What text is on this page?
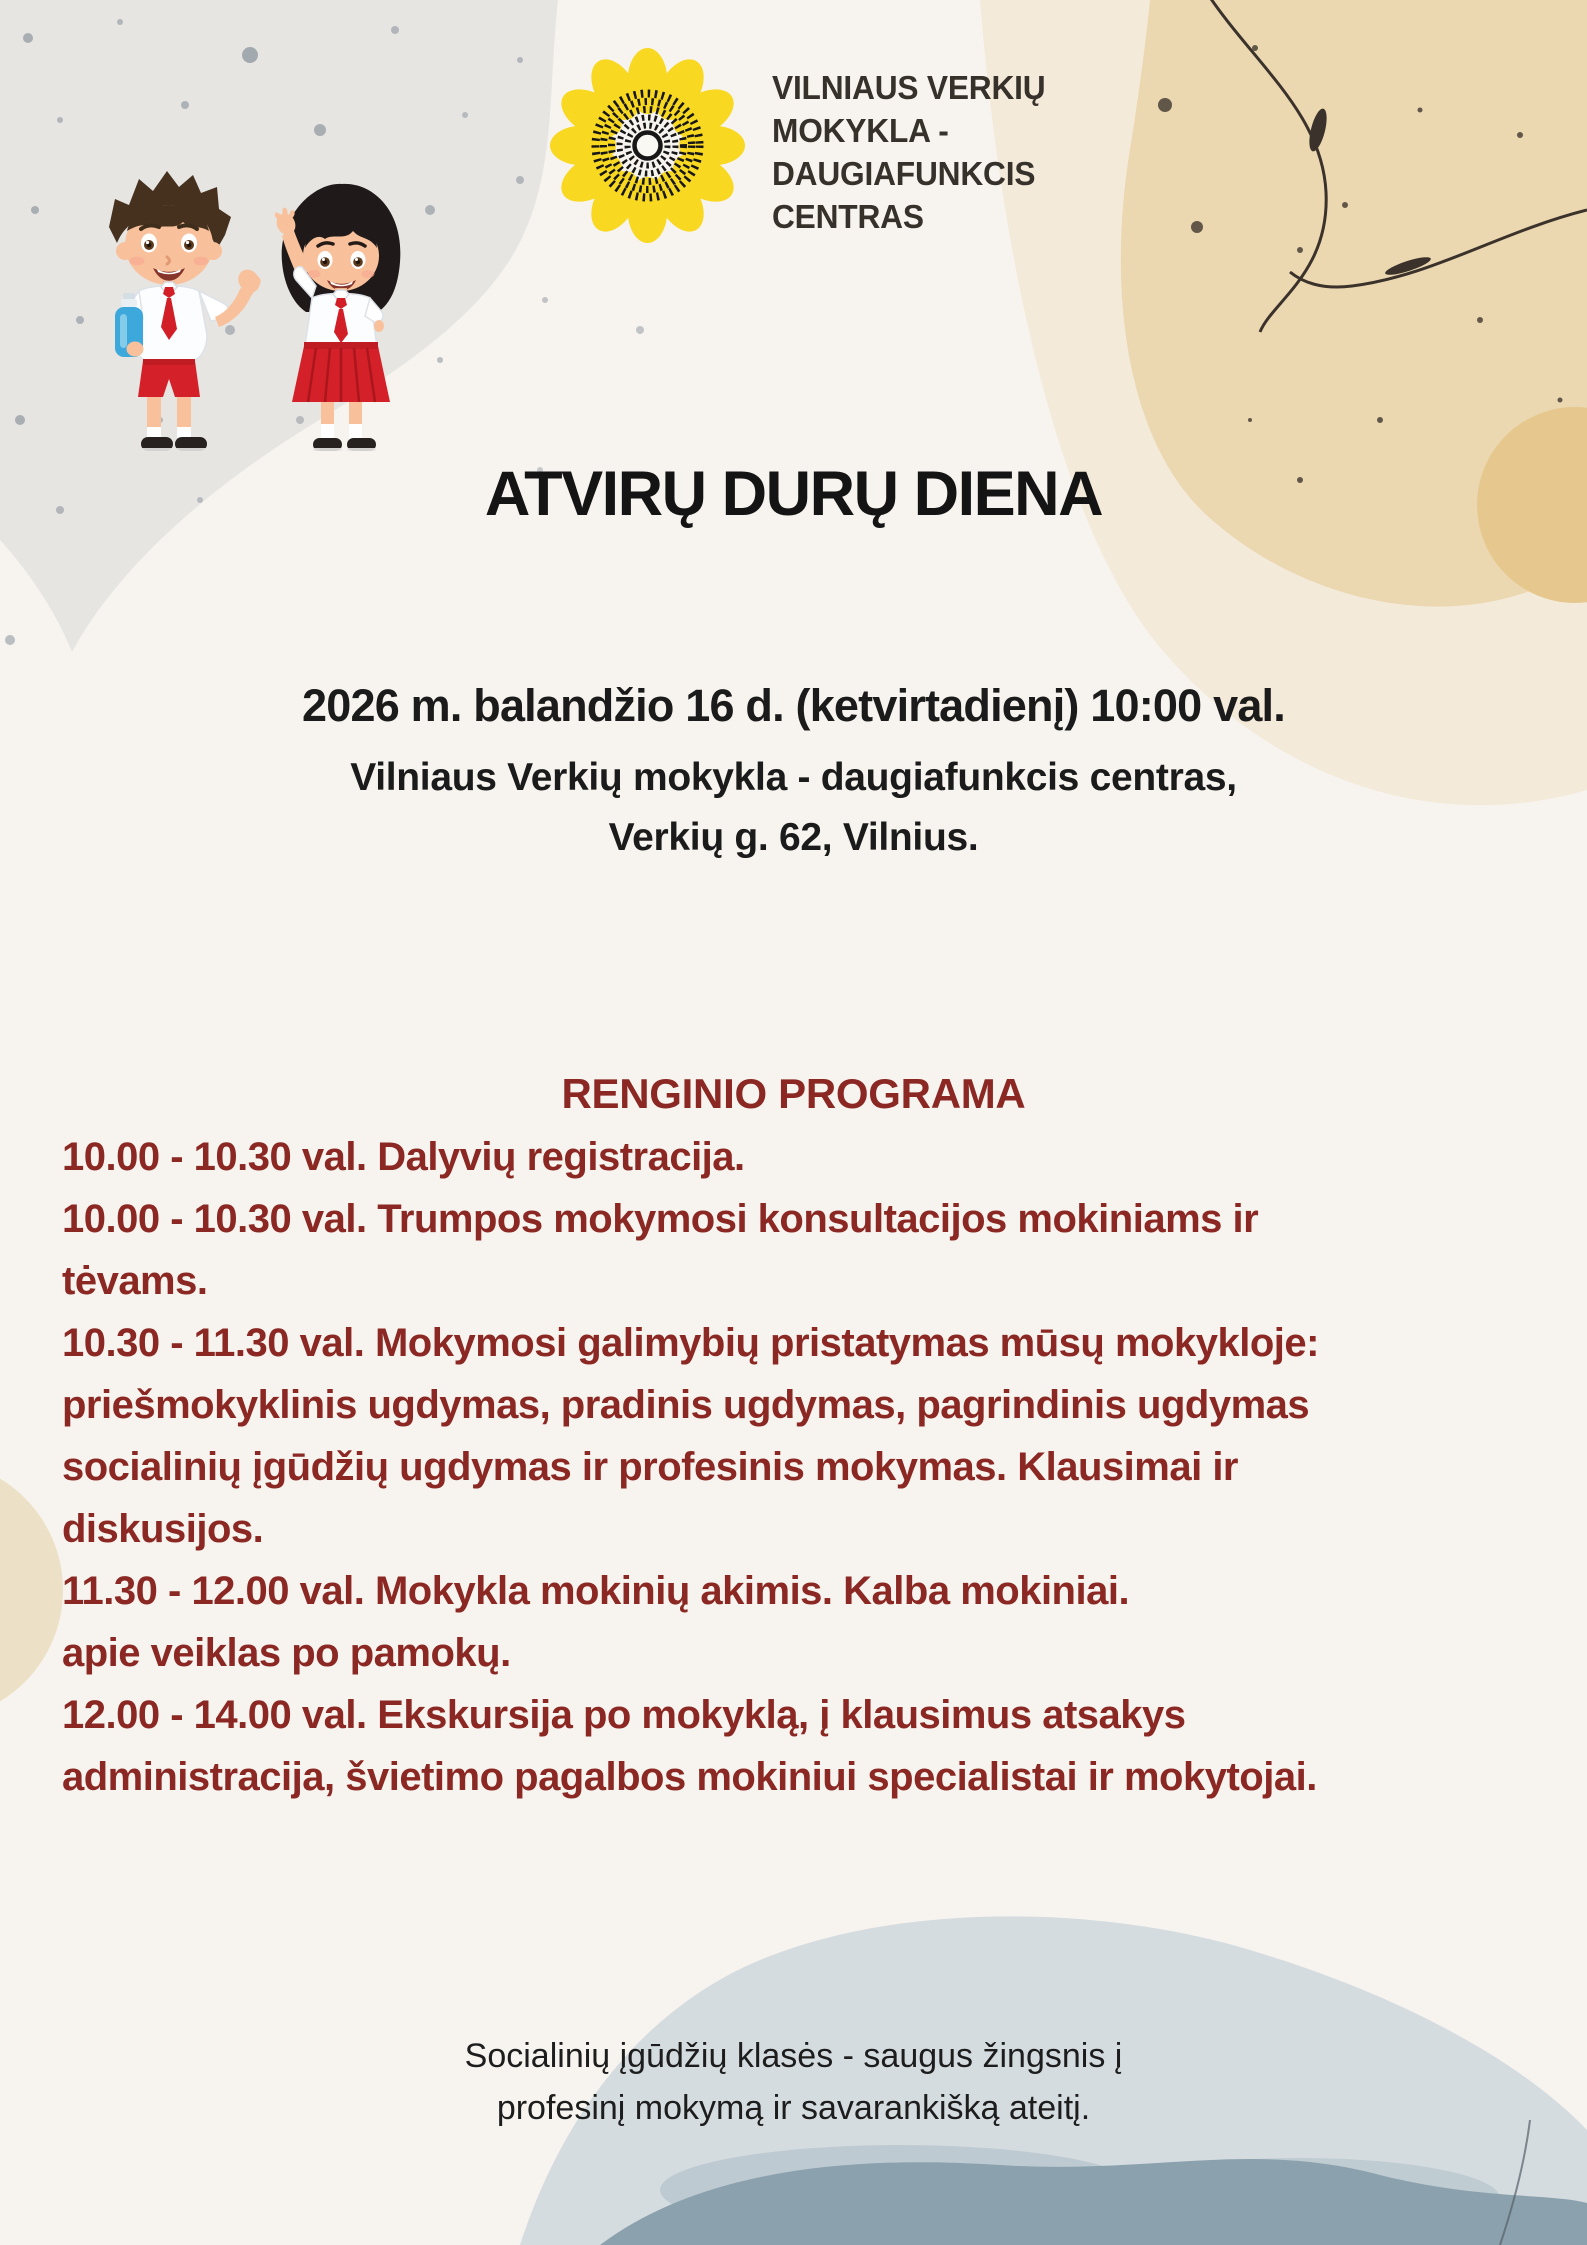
VILNIAUS VERKIŲ
MOKYKLA -
DAUGIAFUNKCIS
CENTRAS
ATVIRŲ DURŲ DIENA
2026 m. balandžio 16 d. (ketvirtadienį) 10:00 val.
Vilniaus Verkių mokykla - daugiafunkcis centras,
Verkių g. 62, Vilnius.
RENGINIO PROGRAMA
10.00 - 10.30 val. Dalyvių registracija.
10.00 - 10.30 val. Trumpos mokymosi konsultacijos mokiniams ir
tėvams.
10.30 - 11.30 val. Mokymosi galimybių pristatymas mūsų mokykloje:
priešmokyklinis ugdymas, pradinis ugdymas, pagrindinis ugdymas
socialinių įgūdžių ugdymas ir profesinis mokymas. Klausimai ir
diskusijos.
11.30 - 12.00 val. Mokykla mokinių akimis. Kalba mokiniai.
apie veiklas po pamokų.
12.00 - 14.00 val. Ekskursija po mokyklą, į klausimus atsakys
administracija, švietimo pagalbos mokiniui specialistai ir mokytojai.
Socialinių įgūdžių klasės - saugus žingsnis į
profesinį mokymą ir savarankišką ateitį.
